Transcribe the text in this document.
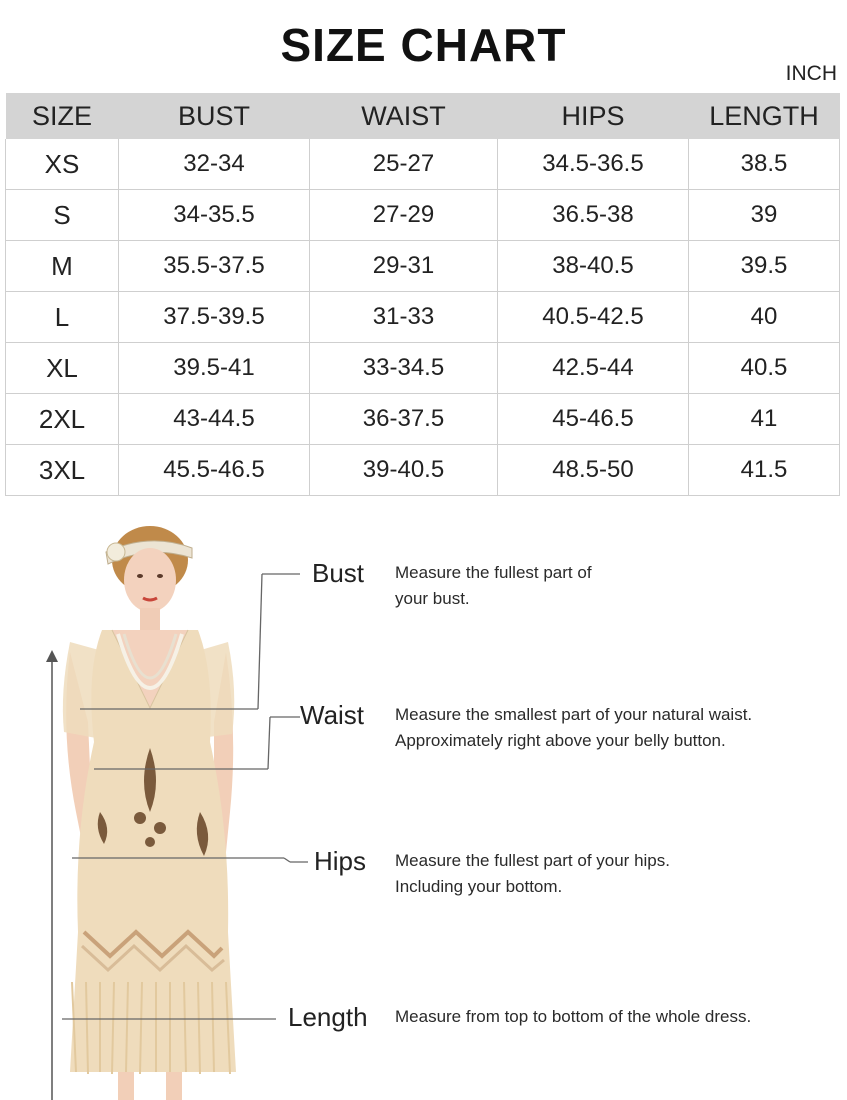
SIZE CHART
INCH
SIZE	BUST	WAIST	HIPS	LENGTH
XS	32-34	25-27	34.5-36.5	38.5
S	34-35.5	27-29	36.5-38	39
M	35.5-37.5	29-31	38-40.5	39.5
L	37.5-39.5	31-33	40.5-42.5	40
XL	39.5-41	33-34.5	42.5-44	40.5
2XL	43-44.5	36-37.5	45-46.5	41
3XL	45.5-46.5	39-40.5	48.5-50	41.5
Bust Measure the fullest part of
your bust.
Waist Measure the smallest part of your natural waist.
Approximately right above your belly button.
Hips Measure the fullest part of your hips.
Including your bottom.
Length Measure from top to bottom of the whole dress.
